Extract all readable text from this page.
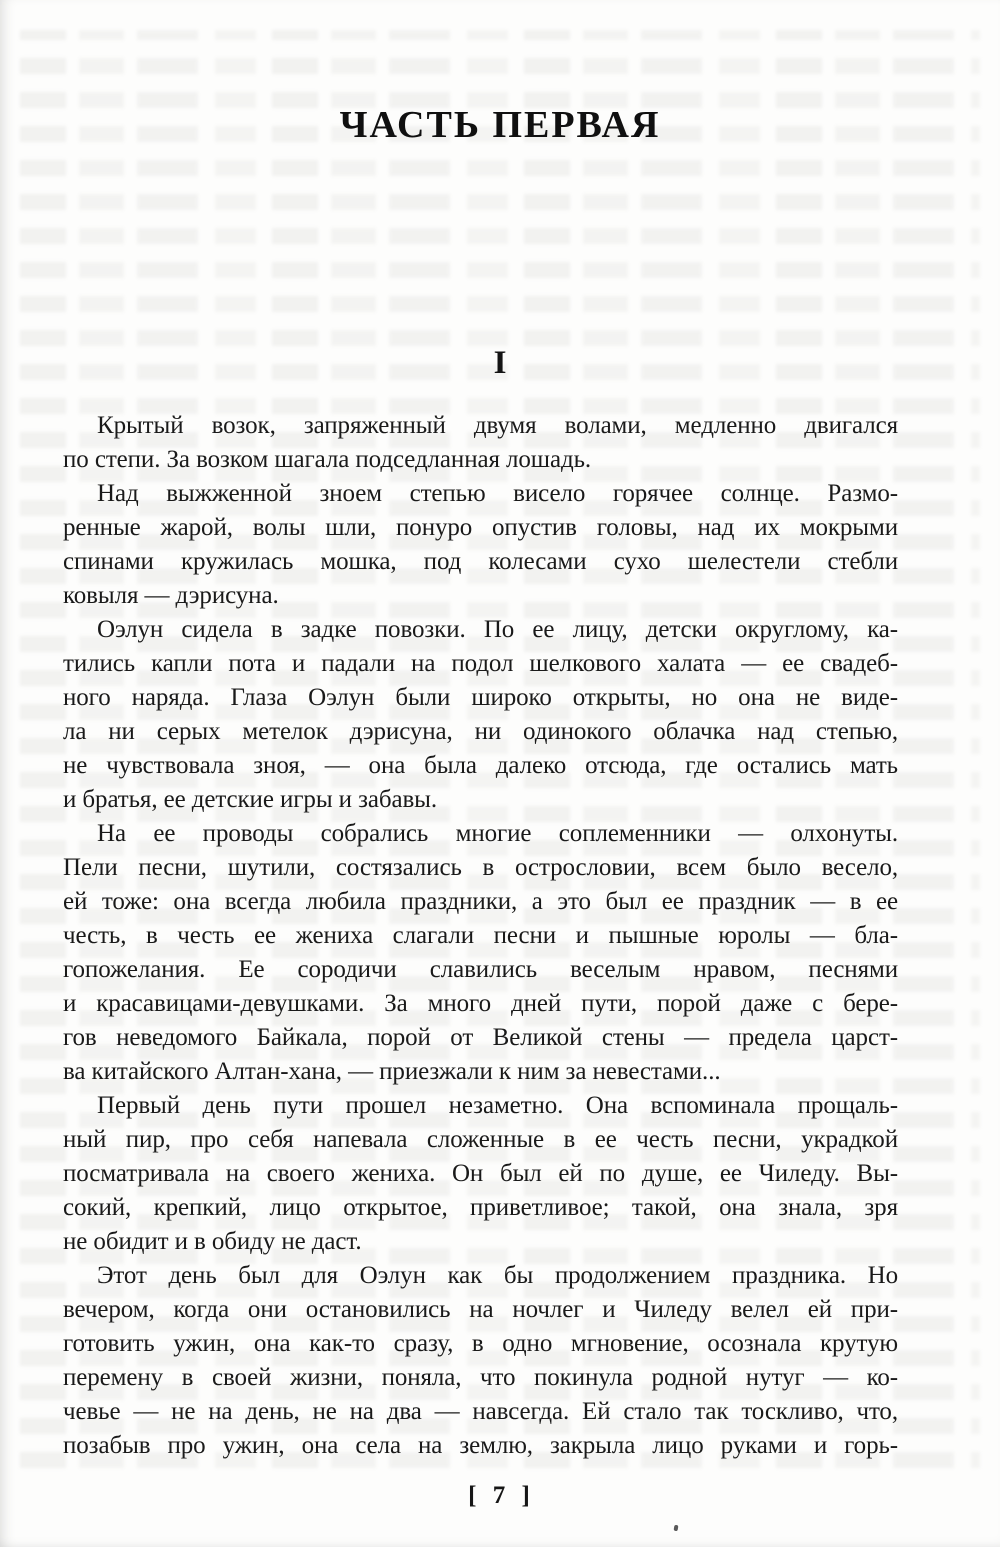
ЧАСТЬ ПЕРВАЯ
I
Крытый возок, запряженный двумя волами, медленно двигался
по степи. За возком шагала подседланная лошадь.
Над выжженной зноем степью висело горячее солнце. Размо-
ренные жарой, волы шли, понуро опустив головы, над их мокрыми
спинами кружилась мошка, под колесами сухо шелестели стебли
ковыля — дэрисуна.
Оэлун сидела в задке повозки. По ее лицу, детски округлому, ка-
тились капли пота и падали на подол шелкового халата — ее свадеб-
ного наряда. Глаза Оэлун были широко открыты, но она не виде-
ла ни серых метелок дэрисуна, ни одинокого облачка над степью,
не чувствовала зноя, — она была далеко отсюда, где остались мать
и братья, ее детские игры и забавы.
На ее проводы собрались многие соплеменники — олхонуты.
Пели песни, шутили, состязались в острословии, всем было весело,
ей тоже: она всегда любила праздники, а это был ее праздник — в ее
честь, в честь ее жениха слагали песни и пышные юролы — бла-
гопожелания. Ее сородичи славились веселым нравом, песнями
и красавицами-девушками. За много дней пути, порой даже с бере-
гов неведомого Байкала, порой от Великой стены — предела царст-
ва китайского Алтан-хана, — приезжали к ним за невестами...
Первый день пути прошел незаметно. Она вспоминала прощаль-
ный пир, про себя напевала сложенные в ее честь песни, украдкой
посматривала на своего жениха. Он был ей по душе, ее Чиледу. Вы-
сокий, крепкий, лицо открытое, приветливое; такой, она знала, зря
не обидит и в обиду не даст.
Этот день был для Оэлун как бы продолжением праздника. Но
вечером, когда они остановились на ночлег и Чиледу велел ей при-
готовить ужин, она как-то сразу, в одно мгновение, осознала крутую
перемену в своей жизни, поняла, что покинула родной нутуг — ко-
чевье — не на день, не на два — навсегда. Ей стало так тоскливо, что,
позабыв про ужин, она села на землю, закрыла лицо руками и горь-
[ 7 ]
